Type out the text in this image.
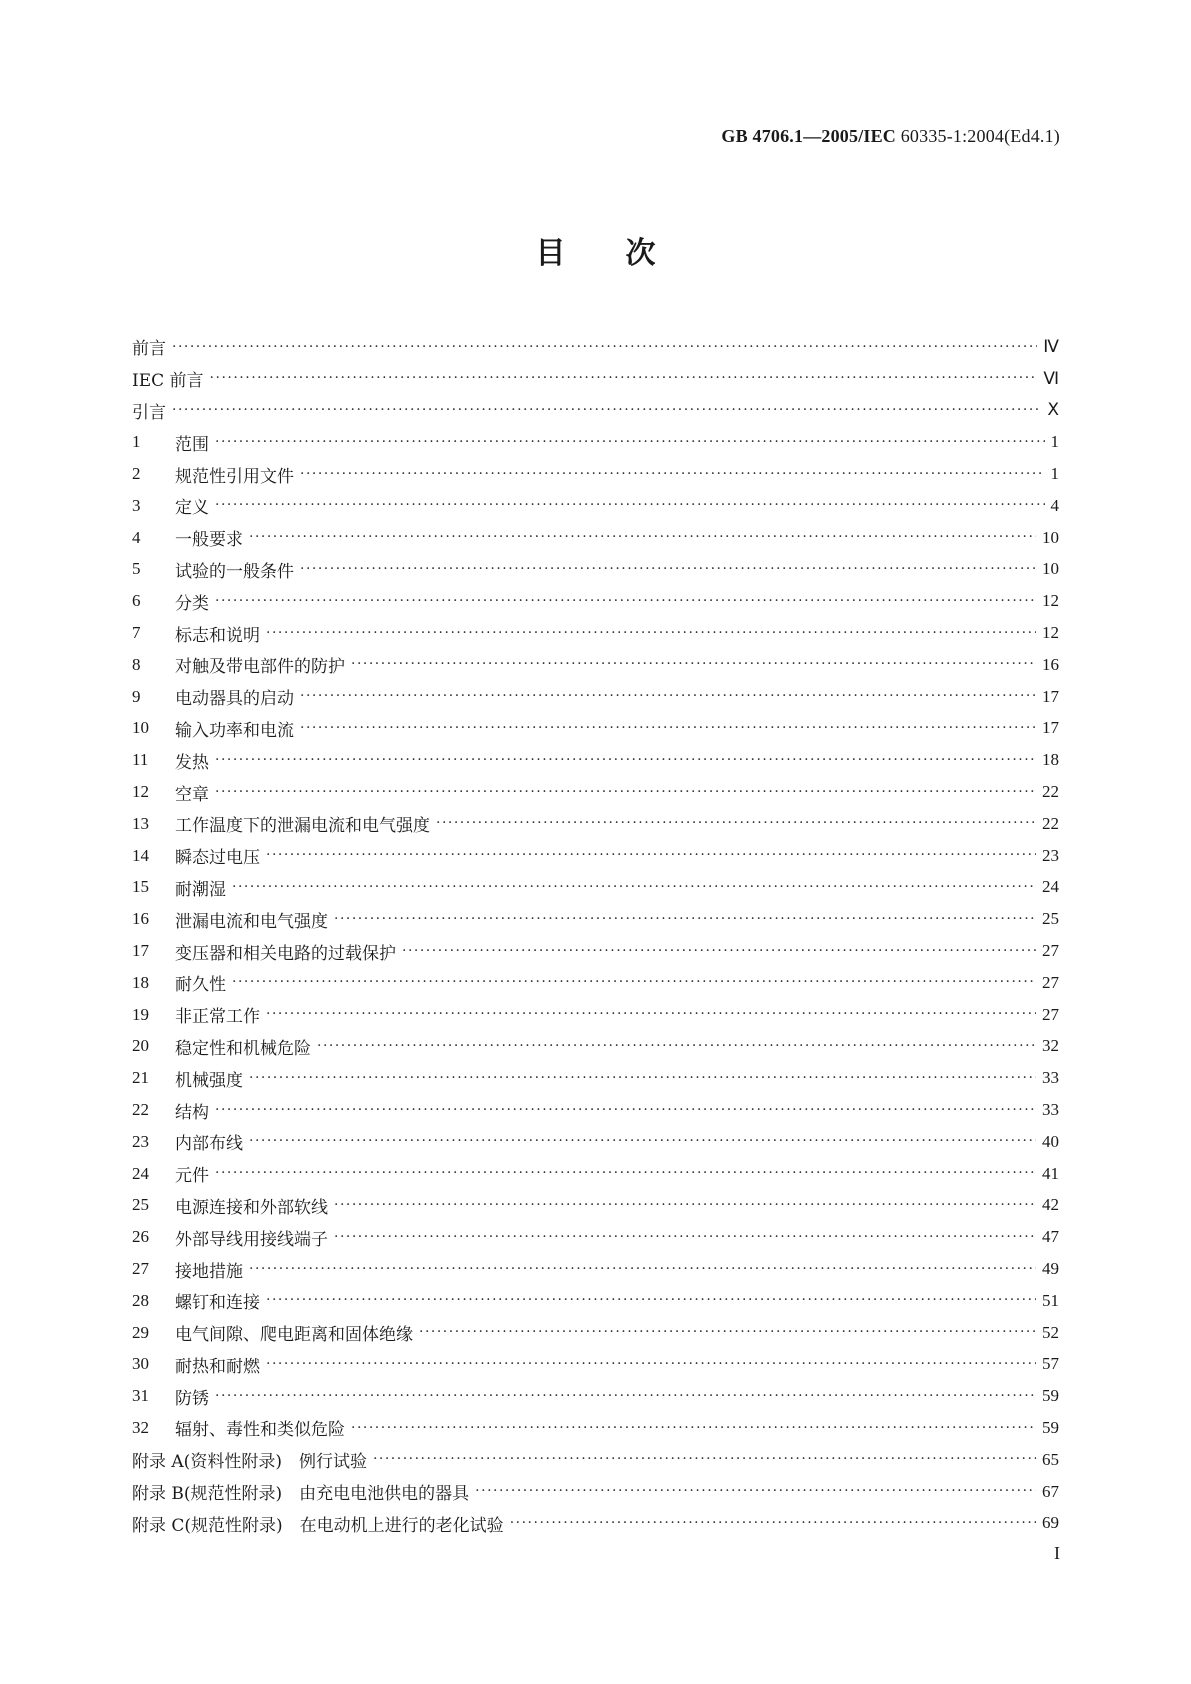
GB 4706.1—2005/IEC 60335-1:2004(Ed4.1)
目次
前言 ·····	Ⅳ
IEC 前言 ·····	Ⅵ
引言 ·····	Ⅹ
1	范围 ·····	1
2	规范性引用文件 ·····	1
3	定义 ·····	4
4	一般要求 ·····	10
5	试验的一般条件 ·····	10
6	分类 ·····	12
7	标志和说明 ·····	12
8	对触及带电部件的防护 ·····	16
9	电动器具的启动 ·····	17
10	输入功率和电流 ·····	17
11	发热 ·····	18
12	空章 ·····	22
13	工作温度下的泄漏电流和电气强度 ·····	22
14	瞬态过电压 ·····	23
15	耐潮湿 ·····	24
16	泄漏电流和电气强度 ·····	25
17	变压器和相关电路的过载保护 ·····	27
18	耐久性 ·····	27
19	非正常工作 ·····	27
20	稳定性和机械危险 ·····	32
21	机械强度 ·····	33
22	结构 ·····	33
23	内部布线 ·····	40
24	元件 ·····	41
25	电源连接和外部软线 ·····	42
26	外部导线用接线端子 ·····	47
27	接地措施 ·····	49
28	螺钉和连接 ·····	51
29	电气间隙、爬电距离和固体绝缘 ·····	52
30	耐热和耐燃 ·····	57
31	防锈 ·····	59
32	辐射、毒性和类似危险 ·····	59
附录 A(资料性附录)　例行试验 ·····	65
附录 B(规范性附录)　由充电电池供电的器具 ·····	67
附录 C(规范性附录)　在电动机上进行的老化试验 ·····	69
I
